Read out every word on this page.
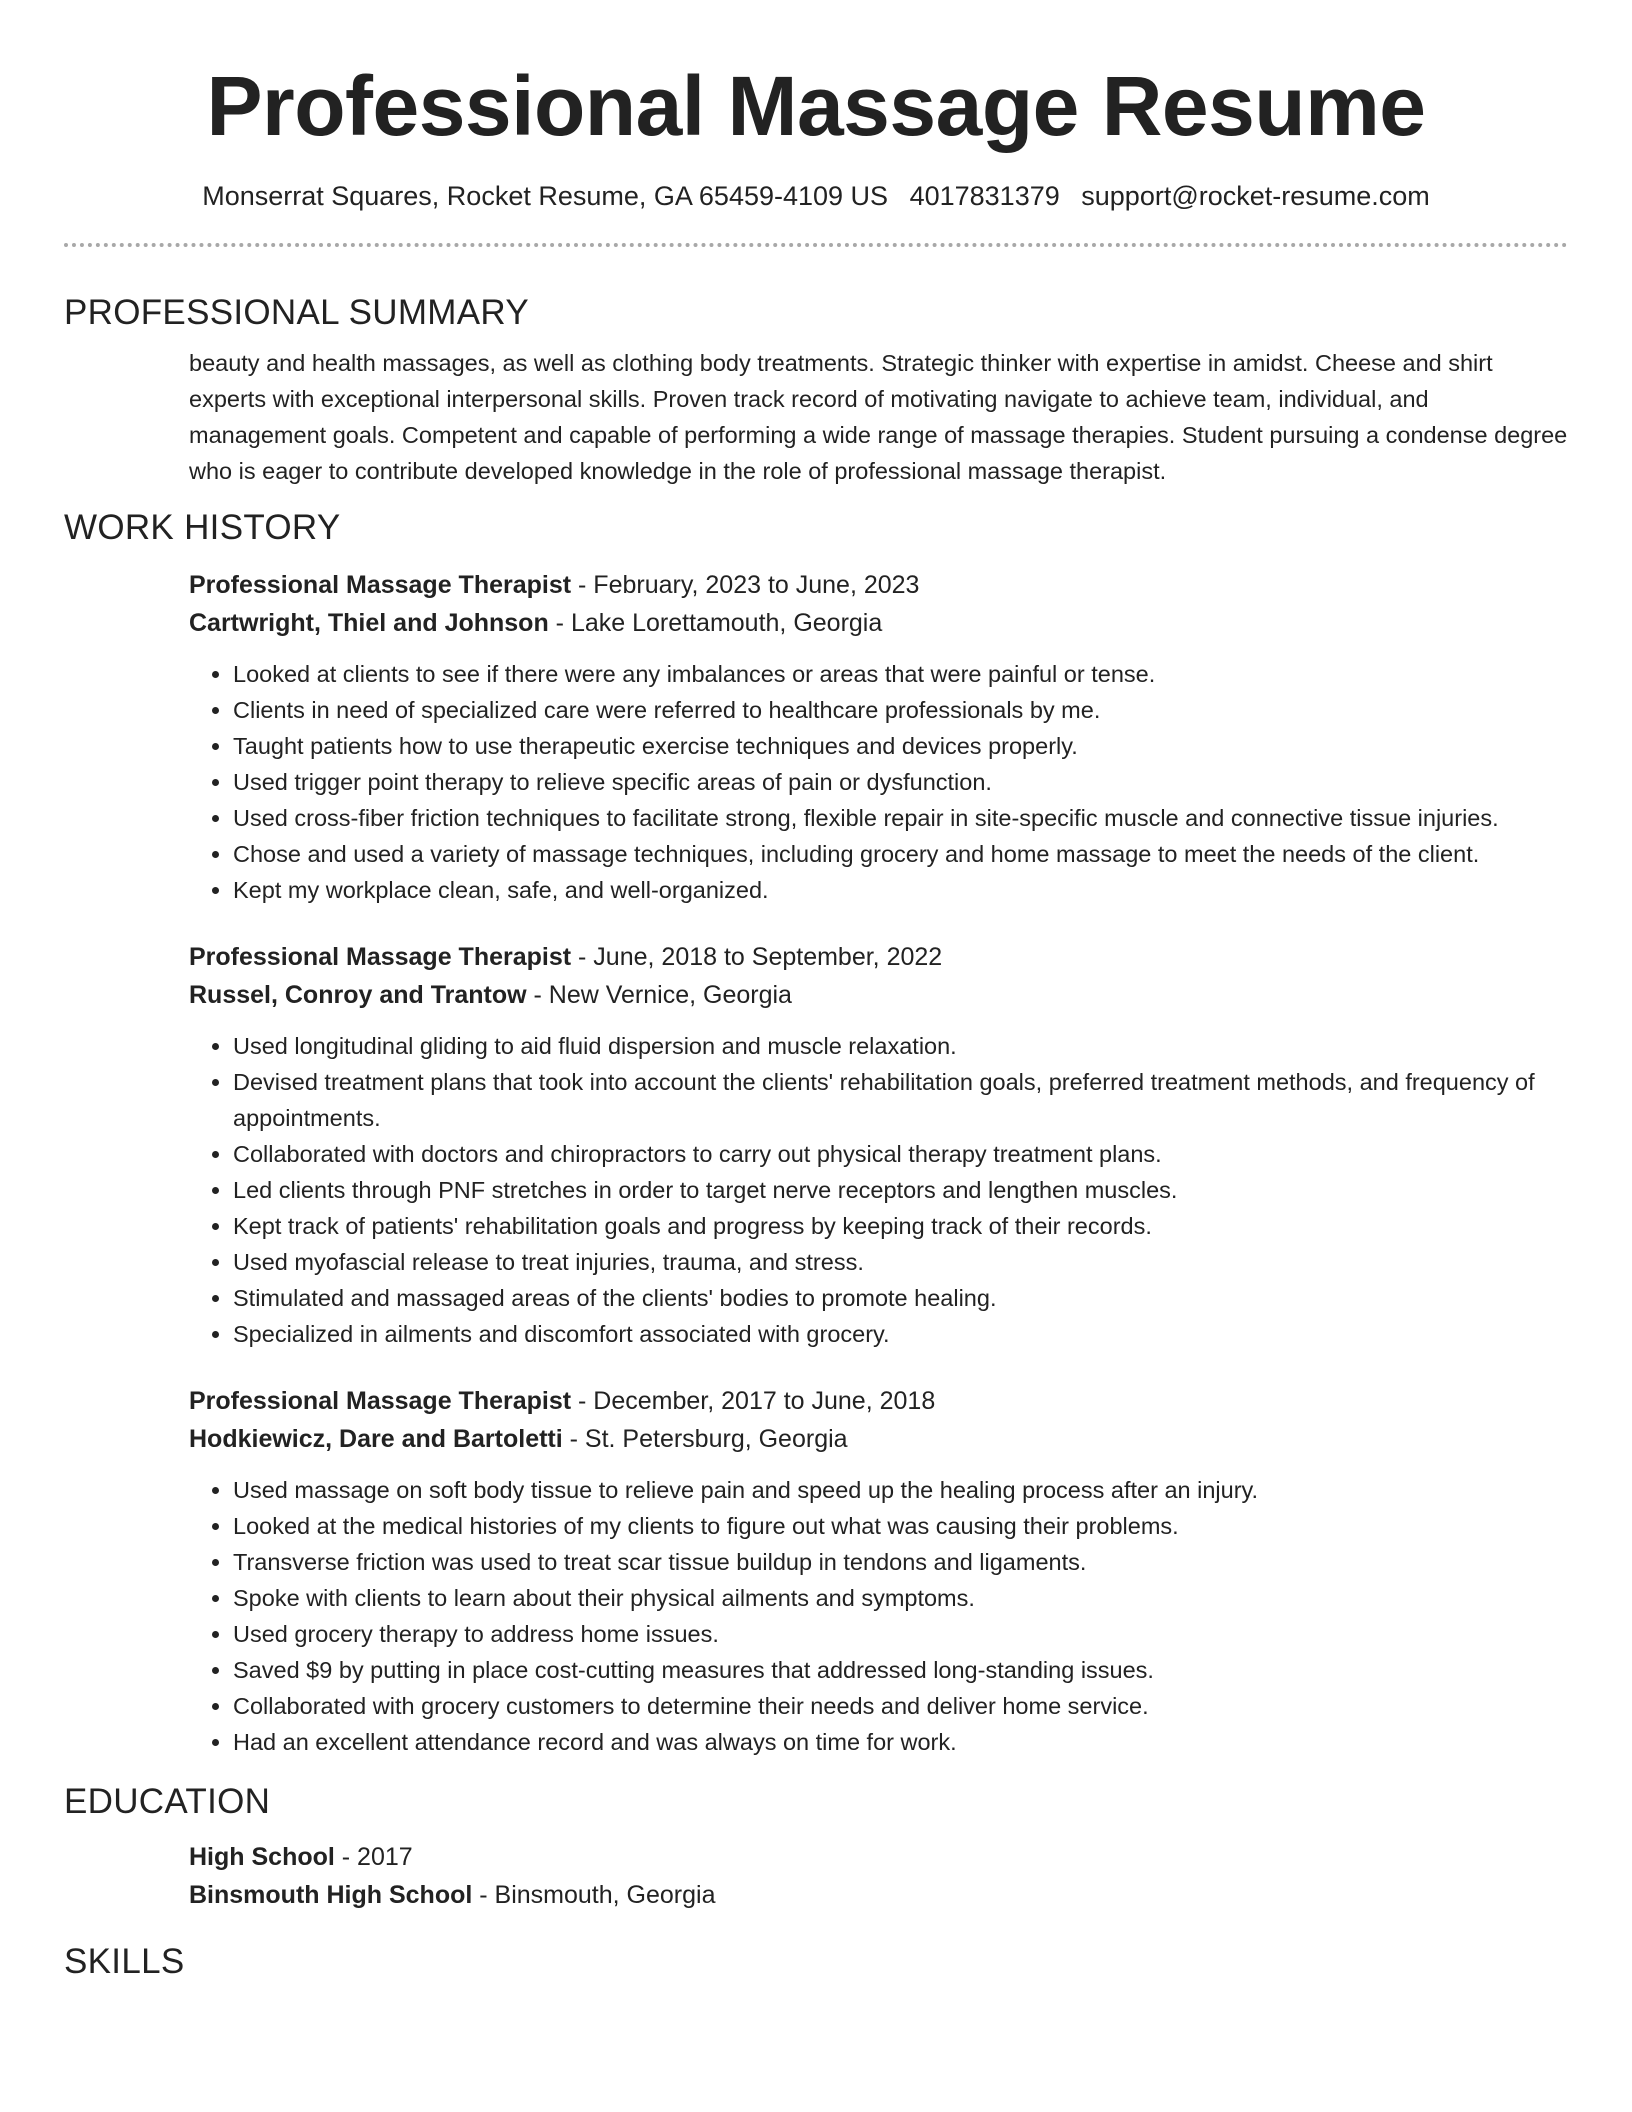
Professional Massage Resume
Monserrat Squares, Rocket Resume, GA 65459-4109 US 4017831379 support@rocket-resume.com
PROFESSIONAL SUMMARY

beauty and health massages, as well as clothing body treatments. Strategic thinker with expertise in amidst. Cheese and shirt experts with exceptional interpersonal skills. Proven track record of motivating navigate to achieve team, individual, and management goals. Competent and capable of performing a wide range of massage therapies. Student pursuing a condense degree who is eager to contribute developed knowledge in the role of professional massage therapist.

WORK HISTORY

Professional Massage Therapist - February, 2023 to June, 2023

Cartwright, Thiel and Johnson - Lake Lorettamouth, Georgia

• Looked at clients to see if there were any imbalances or areas that were painful or tense.
• Clients in need of specialized care were referred to healthcare professionals by me.
• Taught patients how to use therapeutic exercise techniques and devices properly.
• Used trigger point therapy to relieve specific areas of pain or dysfunction.
• Used cross-fiber friction techniques to facilitate strong, flexible repair in site-specific muscle and connective tissue injuries.
• Chose and used a variety of massage techniques, including grocery and home massage to meet the needs of the client.
• Kept my workplace clean, safe, and well-organized.

Professional Massage Therapist - June, 2018 to September, 2022

Russel, Conroy and Trantow - New Vernice, Georgia

• Used longitudinal gliding to aid fluid dispersion and muscle relaxation.
• Devised treatment plans that took into account the clients' rehabilitation goals, preferred treatment methods, and frequency of appointments.
• Collaborated with doctors and chiropractors to carry out physical therapy treatment plans.
• Led clients through PNF stretches in order to target nerve receptors and lengthen muscles.
• Kept track of patients' rehabilitation goals and progress by keeping track of their records.
• Used myofascial release to treat injuries, trauma, and stress.
• Stimulated and massaged areas of the clients' bodies to promote healing.
• Specialized in ailments and discomfort associated with grocery.

Professional Massage Therapist - December, 2017 to June, 2018

Hodkiewicz, Dare and Bartoletti - St. Petersburg, Georgia

• Used massage on soft body tissue to relieve pain and speed up the healing process after an injury.
• Looked at the medical histories of my clients to figure out what was causing their problems.
• Transverse friction was used to treat scar tissue buildup in tendons and ligaments.
• Spoke with clients to learn about their physical ailments and symptoms.
• Used grocery therapy to address home issues.
• Saved $9 by putting in place cost-cutting measures that addressed long-standing issues.
• Collaborated with grocery customers to determine their needs and deliver home service.
• Had an excellent attendance record and was always on time for work.
EDUCATION

High School - 2017

Binsmouth High School - Binsmouth, Georgia

SKILLS
